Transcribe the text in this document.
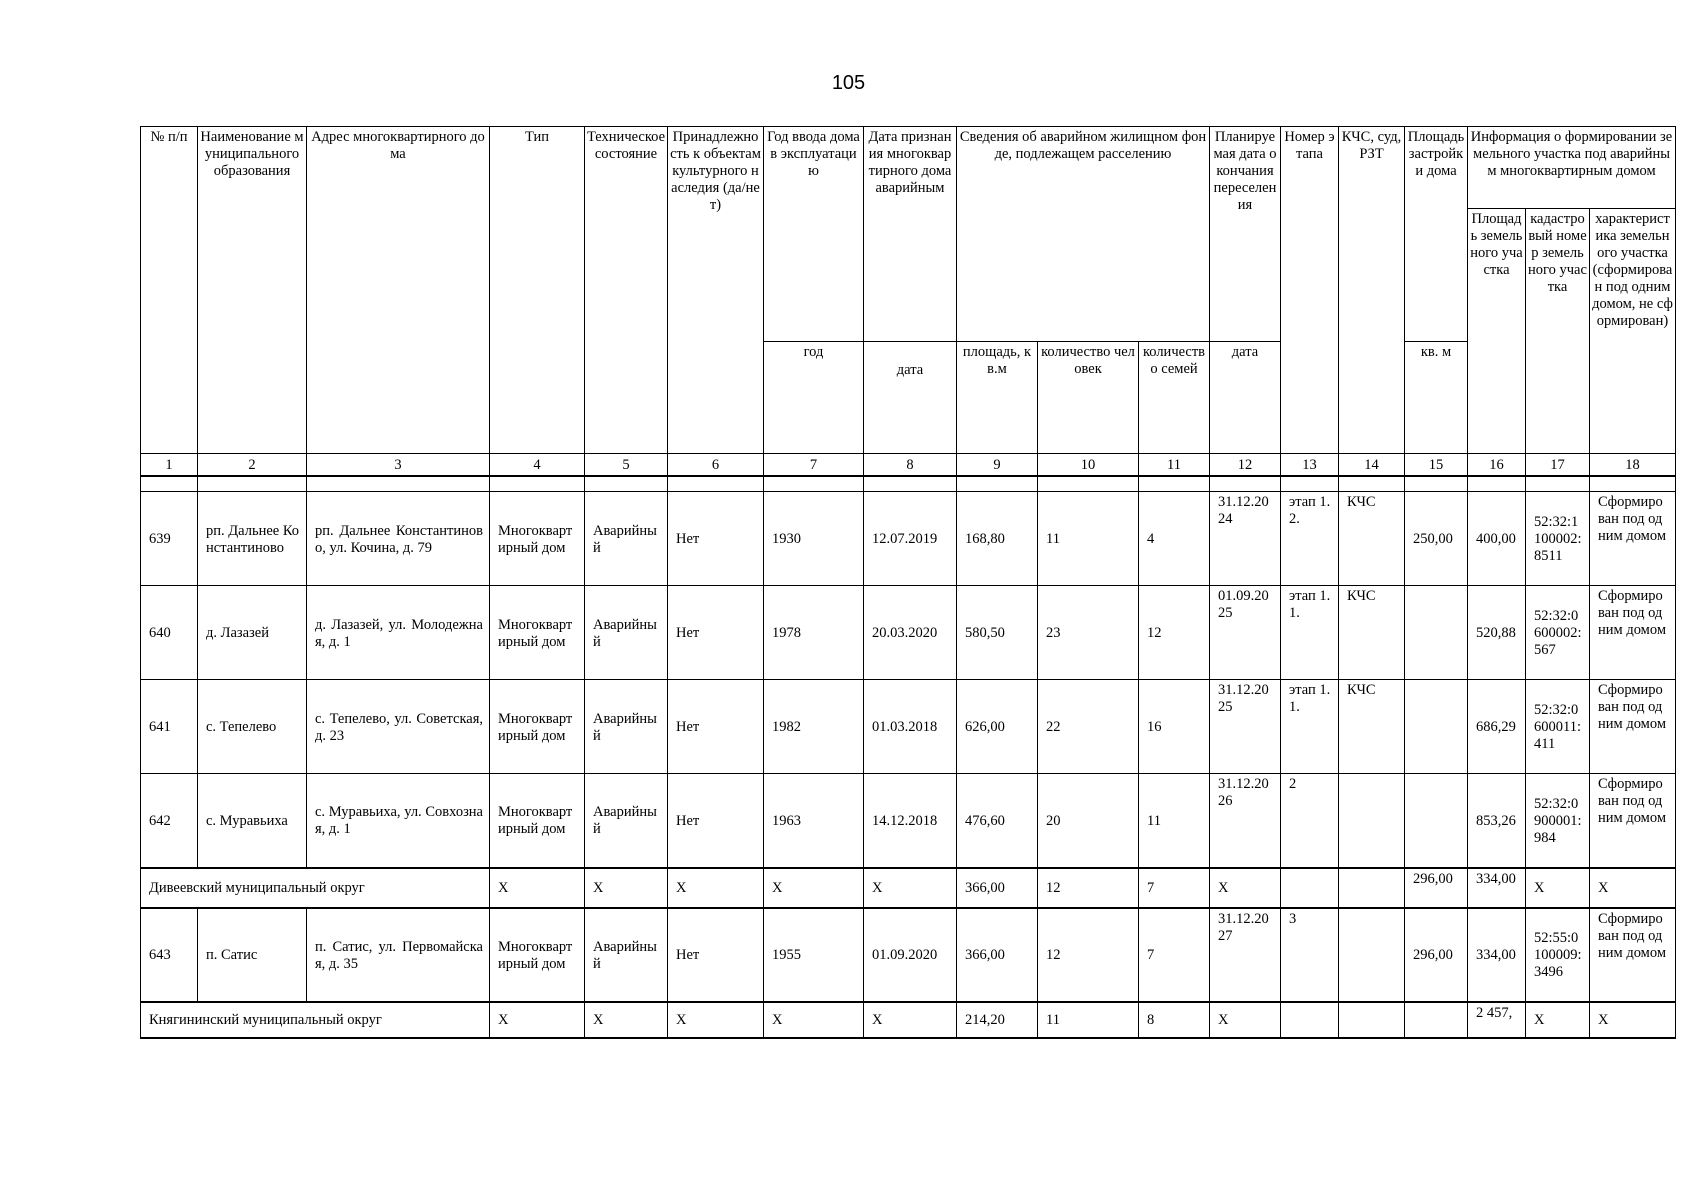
105
№ п/п	Наименование муниципального образования	Адрес многоквартирного дома	Тип	Техническое состояние	Принадлежность к объектам культурного наследия (да/нет)	Год ввода дома в эксплуатацию	Дата признания многоквартирного дома аварийным	Сведения об аварийном жилищном фонде, подлежащем расселению			Планируемая дата окончания переселения	Номер этапа	КЧС, суд, РЗТ	Площадь застройки дома	Информация о формировании земельного участка под аварийным многоквартирным домом		
															Площадь земельного участка	кадастровый номер земельного участка	характеристика земельного участка (сформирован под одним домом, не сформирован)
						год	дата	площадь, кв.м	количество человек	количество семей	дата			кв. м			
1	2	3	4	5	6	7	8	9	10	11	12	13	14	15	16	17	18

639	рп. Дальнее Константиново	рп. Дальнее Константиново, ул. Кочина, д. 79	Многоквартирный дом	Аварийный	Нет	1930	12.07.2019	168,80	11	4	31.12.2024	этап 1.2.	КЧС	250,00	400,00	52:32:1100002:8511	Сформирован под одним домом
640	д. Лазазей	д. Лазазей, ул. Молодежная, д. 1	Многоквартирный дом	Аварийный	Нет	1978	20.03.2020	580,50	23	12	01.09.2025	этап 1.1.	КЧС		520,88	52:32:0600002:567	Сформирован под одним домом
641	с. Тепелево	с. Тепелево, ул. Советская, д. 23	Многоквартирный дом	Аварийный	Нет	1982	01.03.2018	626,00	22	16	31.12.2025	этап 1.1.	КЧС		686,29	52:32:0600011:411	Сформирован под одним домом
642	с. Муравьиха	с. Муравьиха, ул. Совхозная, д. 1	Многоквартирный дом	Аварийный	Нет	1963	14.12.2018	476,60	20	11	31.12.2026	2			853,26	52:32:0900001:984	Сформирован под одним домом
Дивеевский муниципальный округ			X	X	X	X	X	366,00	12	7	X			296,00	334,00	X	X
643	п. Сатис	п. Сатис, ул. Первомайская, д. 35	Многоквартирный дом	Аварийный	Нет	1955	01.09.2020	366,00	12	7	31.12.2027	3		296,00	334,00	52:55:0100009:3496	Сформирован под одним домом
Княгининский муниципальный округ			X	X	X	X	X	214,20	11	8	X				2 457,	X	X
